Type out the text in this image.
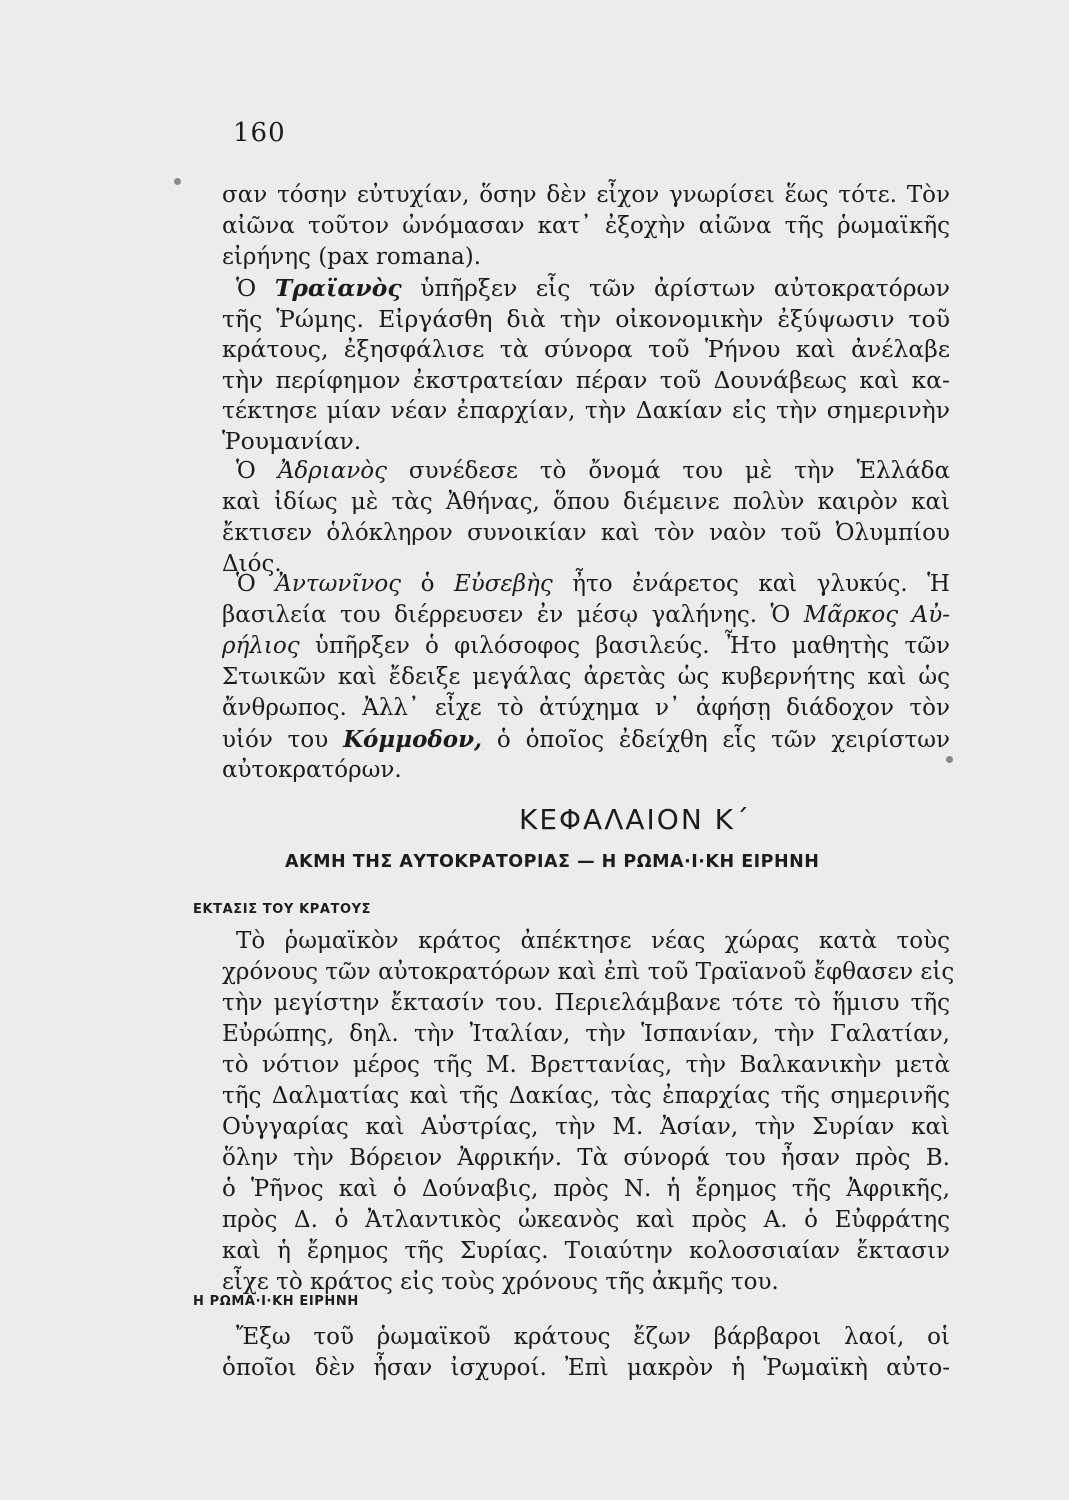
160
σαν τόσην εὐτυχίαν, ὅσην δὲν εἶχον γνωρίσει ἕως τότε. Τὸν
αἰῶνα τοῦτον ὠνόμασαν κατ᾿ ἐξοχὴν αἰῶνα τῆς ῥωμαϊκῆς
εἰρήνης (pax romana).
Ὁ Τραϊανὸς ὑπῆρξεν εἷς τῶν ἀρίστων αὐτοκρατόρων
τῆς Ῥώμης. Εἰργάσθη διὰ τὴν οἰκονομικὴν ἐξύψωσιν τοῦ
κράτους, ἐξησφάλισε τὰ σύνορα τοῦ Ῥήνου καὶ ἀνέλαβε
τὴν περίφημον ἐκστρατείαν πέραν τοῦ Δουνάβεως καὶ κα-
τέκτησε μίαν νέαν ἐπαρχίαν, τὴν Δακίαν εἰς τὴν σημερινὴν
Ῥουμανίαν.
Ὁ Ἀδριανὸς συνέδεσε τὸ ὄνομά του μὲ τὴν Ἑλλάδα
καὶ ἰδίως μὲ τὰς Ἀθήνας, ὅπου διέμεινε πολὺν καιρὸν καὶ
ἔκτισεν ὁλόκληρον συνοικίαν καὶ τὸν ναὸν τοῦ Ὀλυμπίου
Διός.
Ὁ Ἀντωνῖνος ὁ Εὐσεβὴς ἦτο ἐνάρετος καὶ γλυκύς. Ἡ
βασιλεία του διέρρευσεν ἐν μέσῳ γαλήνης. Ὁ Μᾶρκος Αὐ-
ρήλιος ὑπῆρξεν ὁ φιλόσοφος βασιλεύς. Ἦτο μαθητὴς τῶν
Στωικῶν καὶ ἔδειξε μεγάλας ἀρετὰς ὡς κυβερνήτης καὶ ὡς
ἄνθρωπος. Ἀλλ᾿ εἶχε τὸ ἀτύχημα ν᾿ ἀφήσῃ διάδοχον τὸν
υἱόν του Κόμμοδον, ὁ ὁποῖος ἐδείχθη εἷς τῶν χειρίστων
αὐτοκρατόρων.
ΚΕΦΑΛΑΙΟΝ Κ΄
ΑΚΜΗ ΤΗΣ ΑΥΤΟΚΡΑΤΟΡΙΑΣ — Η ΡΩΜΑ·Ι·ΚΗ ΕΙΡΗΝΗ
ΕΚΤΑΣΙΣ ΤΟΥ ΚΡΑΤΟΥΣ
Τὸ ῥωμαϊκὸν κράτος ἀπέκτησε νέας χώρας κατὰ τοὺς
χρόνους τῶν αὐτοκρατόρων καὶ ἐπὶ τοῦ Τραϊανοῦ ἔφθασεν εἰς
τὴν μεγίστην ἔκτασίν του. Περιελάμβανε τότε τὸ ἥμισυ τῆς
Εὐρώπης, δηλ. τὴν Ἰταλίαν, τὴν Ἱσπανίαν, τὴν Γαλατίαν,
τὸ νότιον μέρος τῆς Μ. Βρεττανίας, τὴν Βαλκανικὴν μετὰ
τῆς Δαλματίας καὶ τῆς Δακίας, τὰς ἐπαρχίας τῆς σημερινῆς
Οὑγγαρίας καὶ Αὐστρίας, τὴν Μ. Ἀσίαν, τὴν Συρίαν καὶ
ὅλην τὴν Βόρειον Ἀφρικήν. Τὰ σύνορά του ἦσαν πρὸς Β.
ὁ Ῥῆνος καὶ ὁ Δούναβις, πρὸς Ν. ἡ ἔρημος τῆς Ἀφρικῆς,
πρὸς Δ. ὁ Ἀτλαντικὸς ὠκεανὸς καὶ πρὸς Α. ὁ Εὐφράτης
καὶ ἡ ἔρημος τῆς Συρίας. Τοιαύτην κολοσσιαίαν ἔκτασιν
εἶχε τὸ κράτος εἰς τοὺς χρόνους τῆς ἀκμῆς του.
Η ΡΩΜΑ·Ι·ΚΗ ΕΙΡΗΝΗ
Ἔξω τοῦ ῥωμαϊκοῦ κράτους ἔζων βάρβαροι λαοί, οἱ
ὁποῖοι δὲν ἦσαν ἰσχυροί. Ἐπὶ μακρὸν ἡ Ῥωμαϊκὴ αὐτο-
